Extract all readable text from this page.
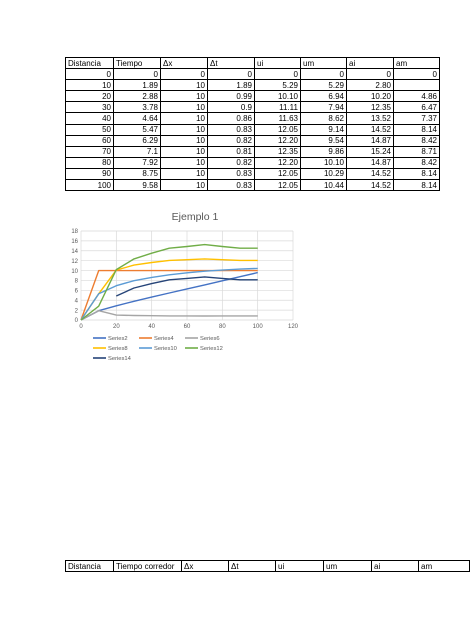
Distancia	Tiempo	Δx	Δt	ui	um	ai	am
0	0	0	0	0	0	0	0
10	1.89	10	1.89	5.29	5.29	2.80	
20	2.88	10	0.99	10.10	6.94	10.20	4.86
30	3.78	10	0.9	11.11	7.94	12.35	6.47
40	4.64	10	0.86	11.63	8.62	13.52	7.37
50	5.47	10	0.83	12.05	9.14	14.52	8.14
60	6.29	10	0.82	12.20	9.54	14.87	8.42
70	7.1	10	0.81	12.35	9.86	15.24	8.71
80	7.92	10	0.82	12.20	10.10	14.87	8.42
90	8.75	10	0.83	12.05	10.29	14.52	8.14
100	9.58	10	0.83	12.05	10.44	14.52	8.14
Ejemplo 1
0
2
4
6
8
10
12
14
16
18
0	20	40	60	80	100	120
Series2	Series4	Series6
Series8	Series10	Series12
Series14
Distancia	Tiempo corredor	Δx	Δt	ui	um	ai	am
